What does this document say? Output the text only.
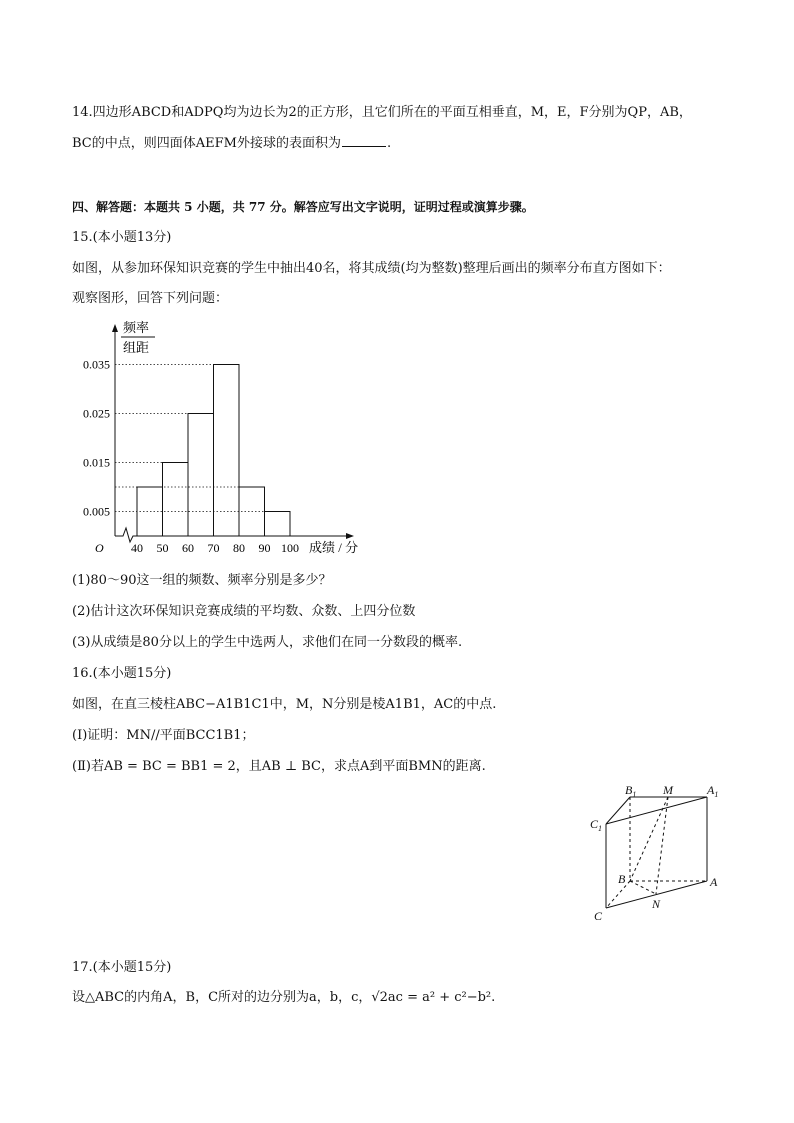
14.四边形ABCD和ADPQ均为边长为2的正方形，且它们所在的平面互相垂直，M，E，F分别为QP，AB，
BC的中点，则四面体AEFM外接球的表面积为	.
四、解答题：本题共 5 小题，共 77 分。解答应写出文字说明，证明过程或演算步骤。
15.(本小题13分)
如图，从参加环保知识竞赛的学生中抽出40名，将其成绩(均为整数)整理后画出的频率分布直方图如下：
观察图形，回答下列问题：
频率
组距
0.005
0.015
0.025
0.035
40 50 60 70 80 90 100
O	成绩 / 分
(1)80～90这一组的频数、频率分别是多少？
(2)估计这次环保知识竞赛成绩的平均数、众数、上四分位数
(3)从成绩是80分以上的学生中选两人，求他们在同一分数段的概率.
16.(本小题15分)
如图，在直三棱柱ABC−A1B1C1中，M，N分别是棱A1B1，AC的中点.
(I)证明：MN//平面BCC1B1；
(Ⅱ)若AB = BC = BB1 = 2，且AB ⊥ BC，求点A到平面BMN的距离.
$B_1$ M	$A_1$
$C_1$
B	A
N
C
17.(本小题15分)
设△ABC的内角A，B，C所对的边分别为a，b，c，√2ac = a² + c²−b².
